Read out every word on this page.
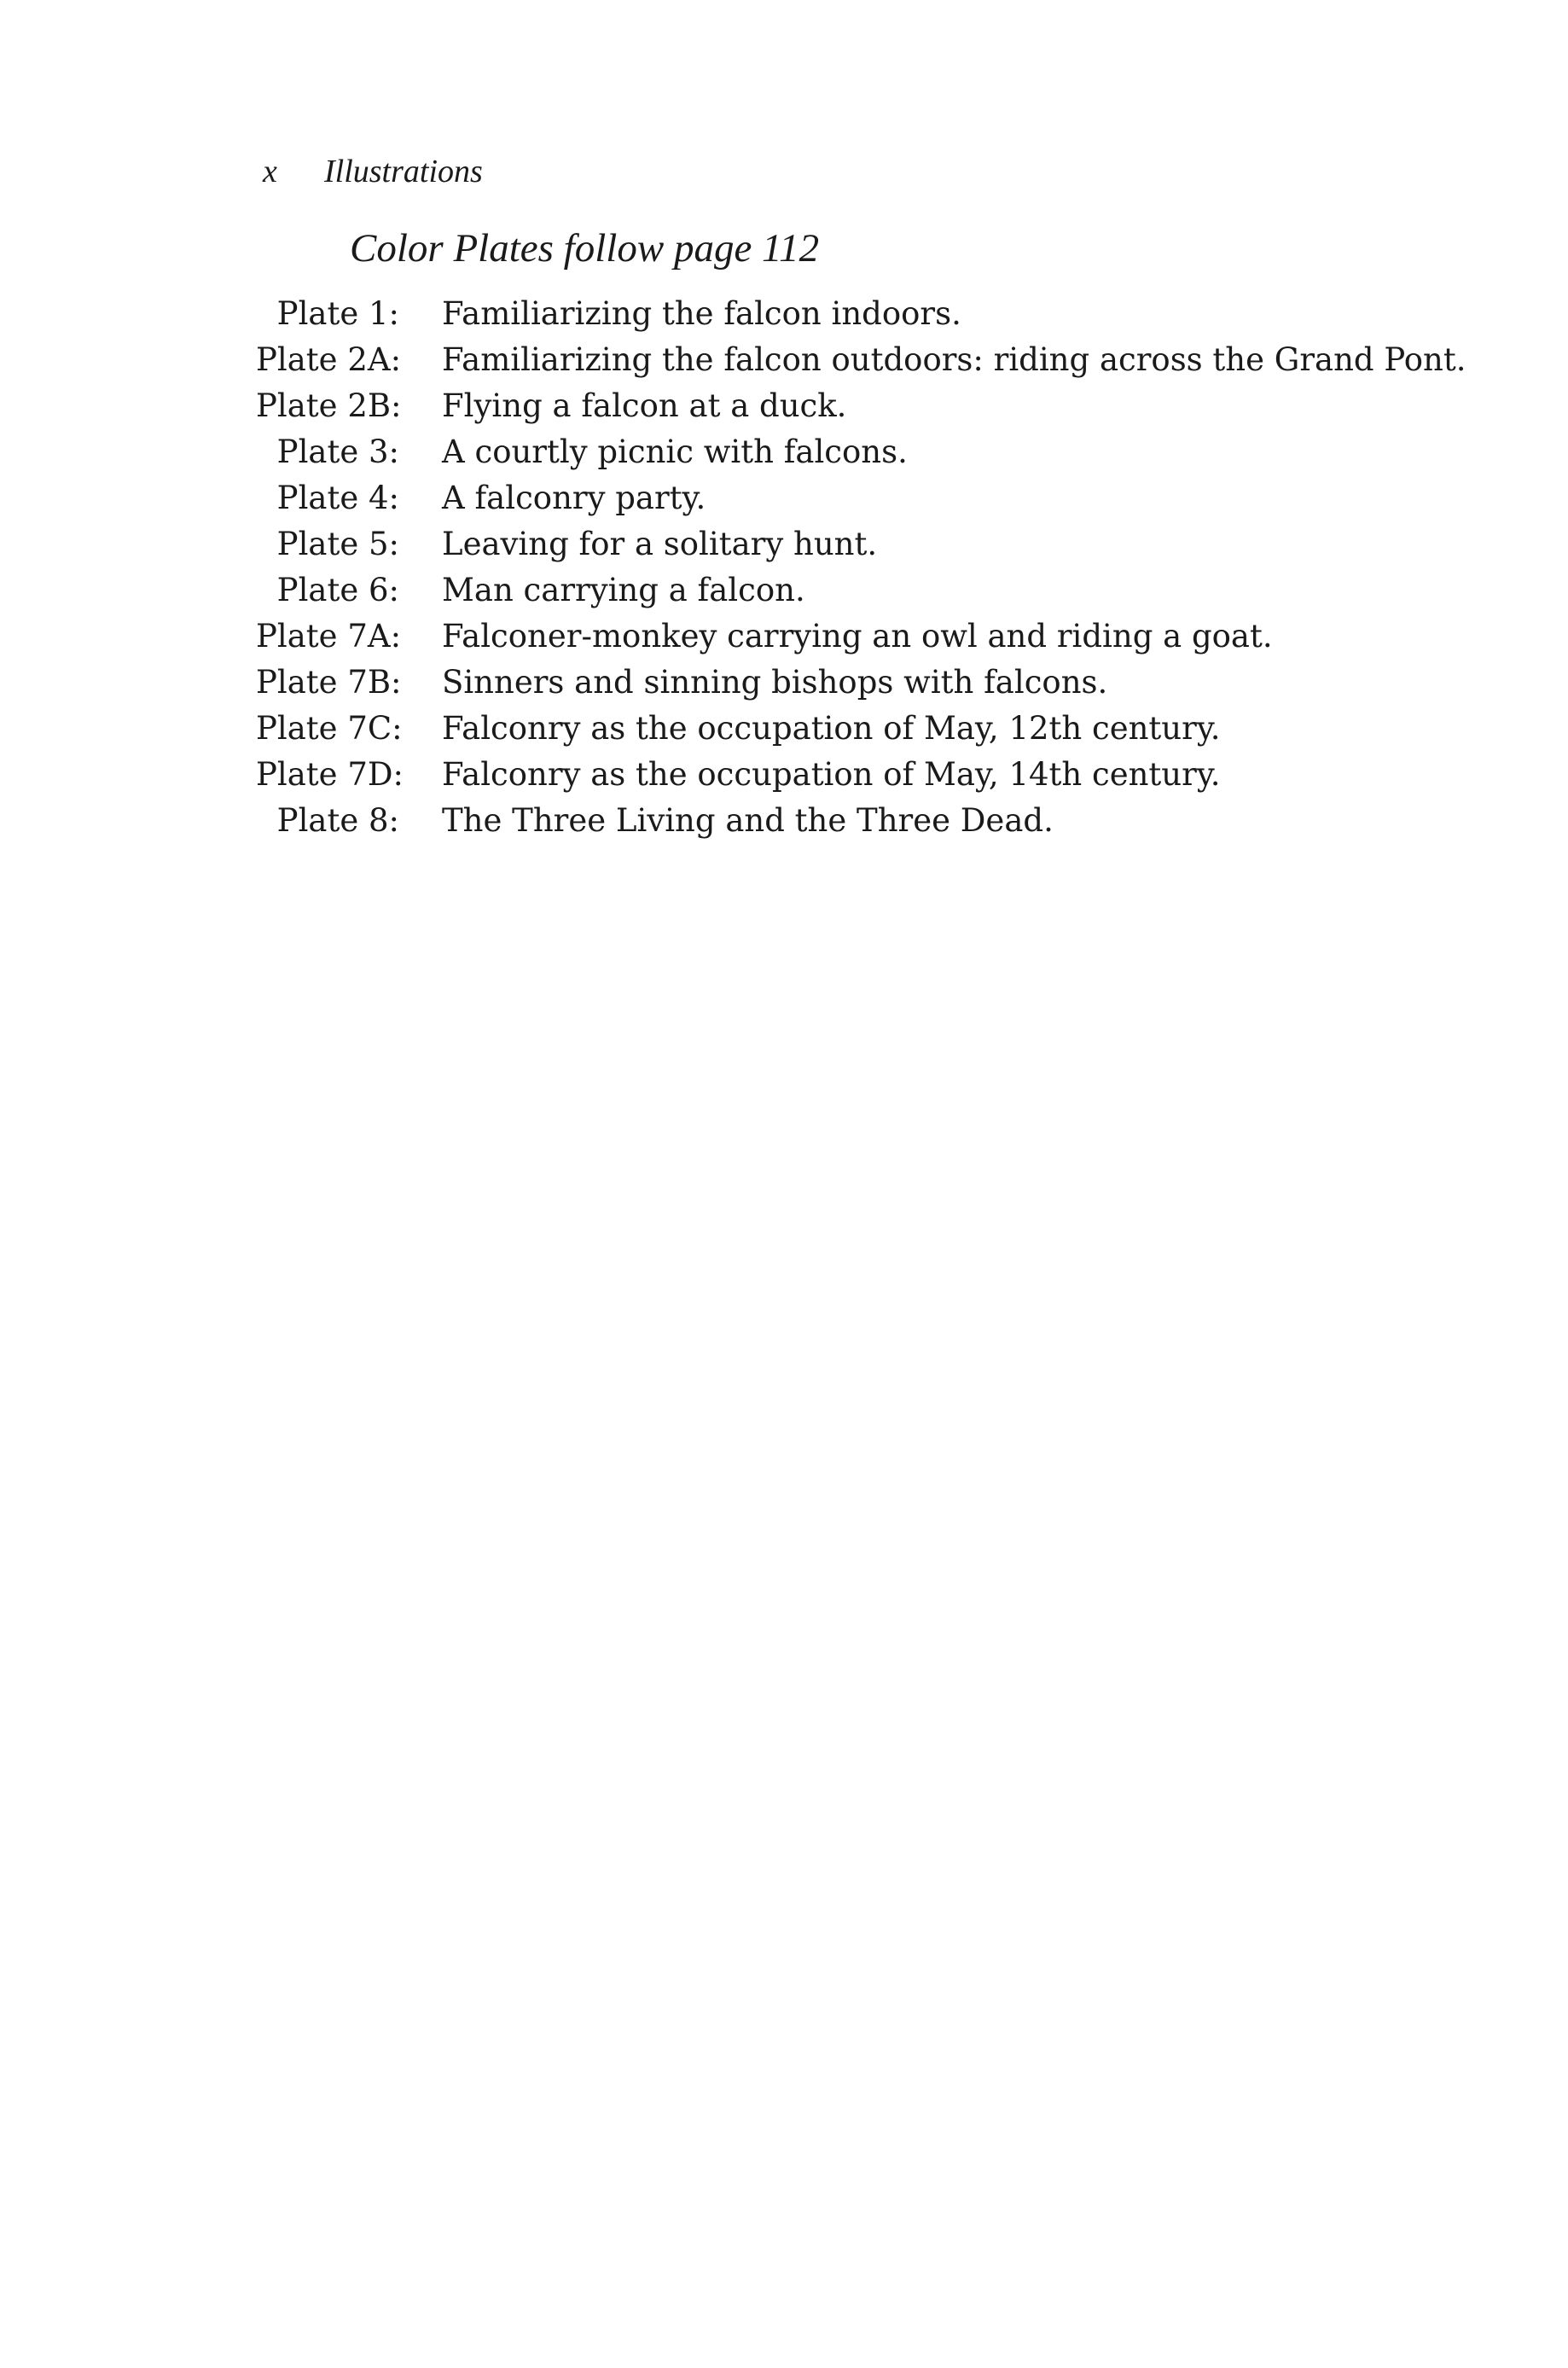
x Illustrations
Color Plates follow page 112
Plate 1: Familiarizing the falcon indoors.
Plate 2A: Familiarizing the falcon outdoors: riding across the Grand Pont.
Plate 2B: Flying a falcon at a duck.
Plate 3: A courtly picnic with falcons.
Plate 4: A falconry party.
Plate 5: Leaving for a solitary hunt.
Plate 6: Man carrying a falcon.
Plate 7A: Falconer-monkey carrying an owl and riding a goat.
Plate 7B: Sinners and sinning bishops with falcons.
Plate 7C: Falconry as the occupation of May, 12th century.
Plate 7D: Falconry as the occupation of May, 14th century.
Plate 8: The Three Living and the Three Dead.
